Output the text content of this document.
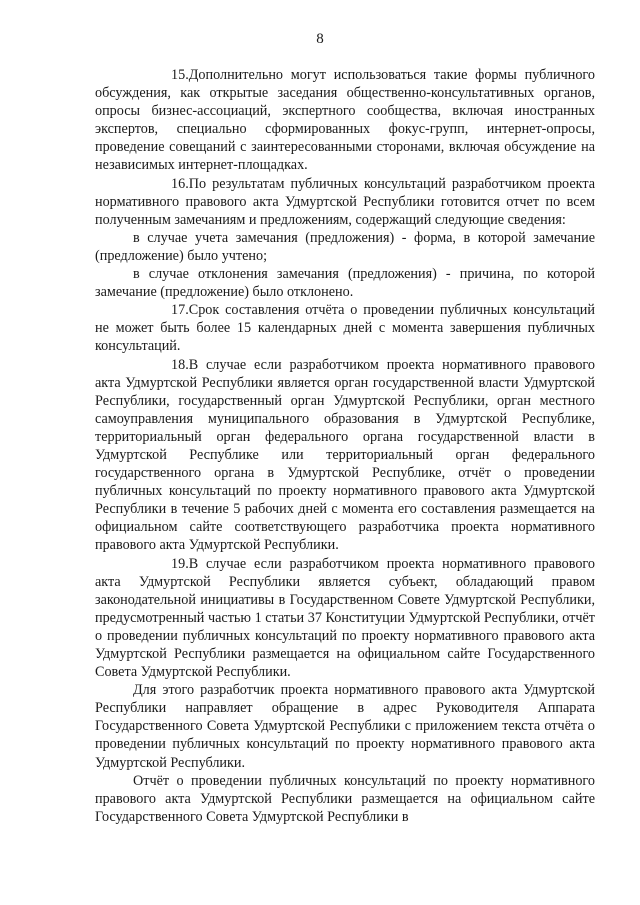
8

15.Дополнительно могут использоваться такие формы публичного обсуждения, как открытые заседания общественно-консультативных органов, опросы бизнес-ассоциаций, экспертного сообщества, включая иностранных экспертов, специально сформированных фокус-групп, интернет-опросы, проведение совещаний с заинтересованными сторонами, включая обсуждение на независимых интернет-площадках.

16.По результатам публичных консультаций разработчиком проекта нормативного правового акта Удмуртской Республики готовится отчет по всем полученным замечаниям и предложениям, содержащий следующие сведения:

в случае учета замечания (предложения) - форма, в которой замечание (предложение) было учтено;

в случае отклонения замечания (предложения) - причина, по которой замечание (предложение) было отклонено.

17.Срок составления отчёта о проведении публичных консультаций не может быть более 15 календарных дней с момента завершения публичных консультаций.

18.В случае если разработчиком проекта нормативного правового акта Удмуртской Республики является орган государственной власти Удмуртской Республики, государственный орган Удмуртской Республики, орган местного самоуправления муниципального образования в Удмуртской Республике, территориальный орган федерального органа государственной власти в Удмуртской Республике или территориальный орган федерального государственного органа в Удмуртской Республике, отчёт о проведении публичных консультаций по проекту нормативного правового акта Удмуртской Республики в течение 5 рабочих дней с момента его составления размещается на официальном сайте соответствующего разработчика проекта нормативного правового акта Удмуртской Республики.

19.В случае если разработчиком проекта нормативного правового акта Удмуртской Республики является субъект, обладающий правом законодательной инициативы в Государственном Совете Удмуртской Республики, предусмотренный частью 1 статьи 37 Конституции Удмуртской Республики, отчёт о проведении публичных консультаций по проекту нормативного правового акта Удмуртской Республики размещается на официальном сайте Государственного Совета Удмуртской Республики.

Для этого разработчик проекта нормативного правового акта Удмуртской Республики направляет обращение в адрес Руководителя Аппарата Государственного Совета Удмуртской Республики с приложением текста отчёта о проведении публичных консультаций по проекту нормативного правового акта Удмуртской Республики.

Отчёт о проведении публичных консультаций по проекту нормативного правового акта Удмуртской Республики размещается на официальном сайте Государственного Совета Удмуртской Республики в
